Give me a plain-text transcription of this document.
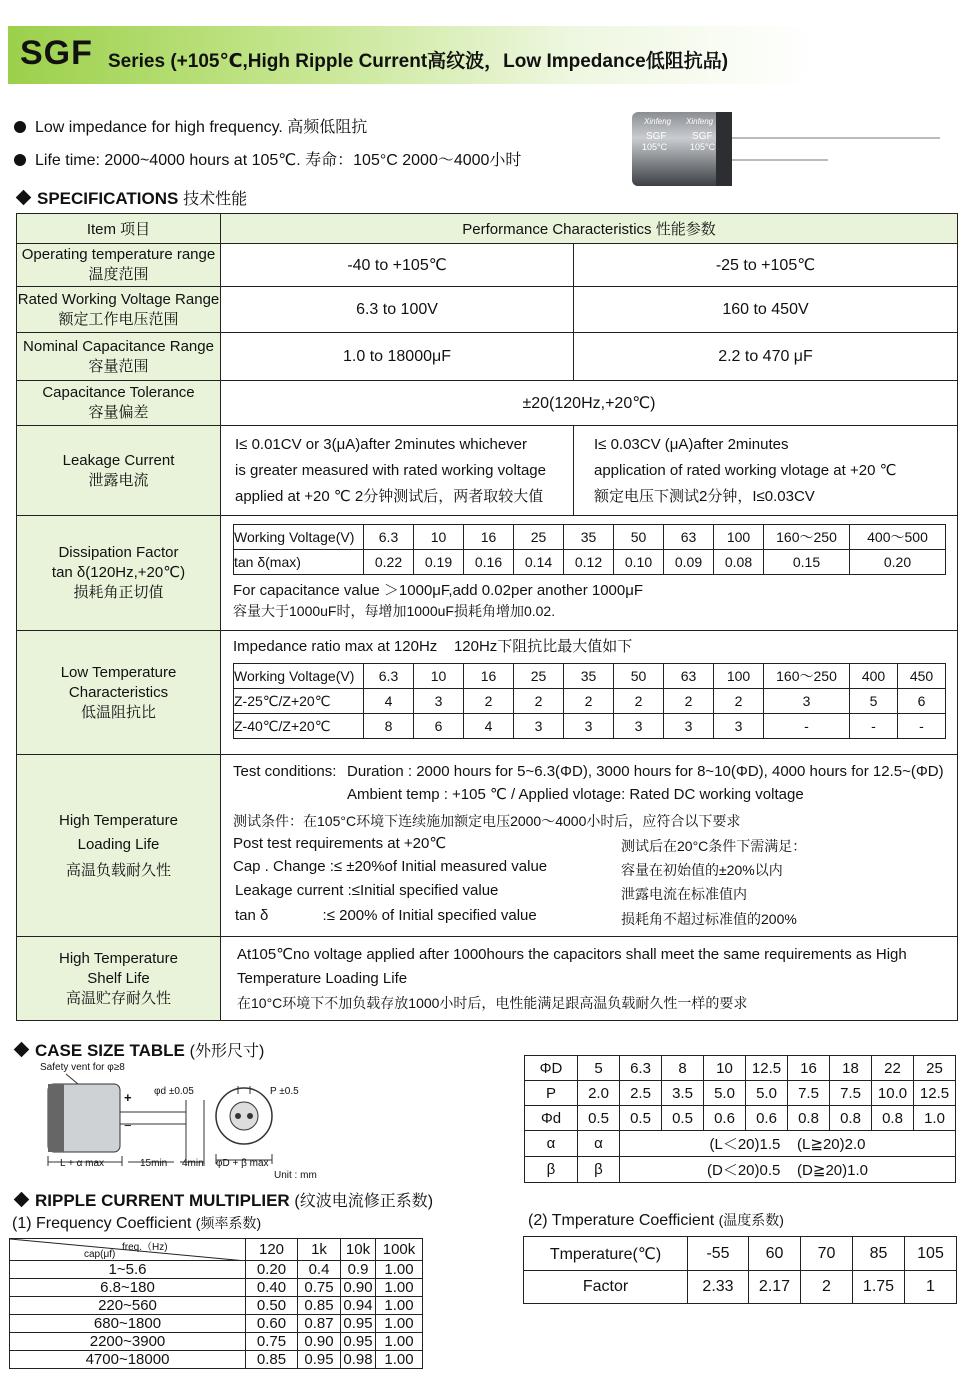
SGF Series (+105℃,High Ripple Current高纹波，Low Impedance低阻抗品)
Low impedance for high frequency. 高频低阻抗
Life time: 2000~4000 hours at 105℃. 寿命：105°C 2000～4000小时
Xinfeng Xinfeng
SGF	SGF
105°C	105°C
SPECIFICATIONS 技术性能
Item 项目	Performance Characteristics 性能参数

Operating temperature range
温度范围
	-40 to +105℃	-25 to +105℃

Rated Working Voltage Range
额定工作电压范围
	6.3 to 100V	160 to 450V

Nominal Capacitance Range
容量范围
	1.0 to 18000μF	2.2 to 470 μF

Capacitance Tolerance
容量偏差
	±20(120Hz,+20℃)

Leakage Current
泄露电流

I≤ 0.01CV or 3(μA)after 2minutes whichever
is greater measured with rated working voltage
applied at +20 ℃ 2分钟测试后，两者取较大值

I≤ 0.03CV (μA)after 2minutes
application of rated working vlotage at +20 ℃
额定电压下测试2分钟，I≤0.03CV

Dissipation Factor
tan δ(120Hz,+20℃)
损耗角正切值

Working Voltage(V)	6.3	10	16	25	35	50	63	100	160～250	400～500
tan δ(max)	0.22	0.19	0.16	0.14	0.12	0.10	0.09	0.08	0.15	0.20
For capacitance value ＞1000μF,add 0.02per another 1000μF
容量大于1000uF时，每增加1000uF损耗角增加0.02.

Low Temperature
Characteristics
低温阻抗比

Impedance ratio max at 120Hz    120Hz下阻抗比最大值如下
Working Voltage(V)	6.3	10	16	25	35	50	63	100	160～250	400	450
Z-25℃/Z+20℃	4	3	2	2	2	2	2	2	3	5	6
Z-40℃/Z+20℃	8	6	4	3	3	3	3	3	-	-	-

High Temperature
Loading Life
高温负载耐久性

Test conditions: Duration : 2000 hours for 5~6.3(ΦD), 3000 hours for 8~10(ΦD), 4000 hours for 12.5~(ΦD)
Ambient temp : +105 ℃ / Applied vlotage: Rated DC working voltage
测试条件：在105°C环境下连续施加额定电压2000～4000小时后，应符合以下要求
Post test requirements at +20℃	测试后在20°C条件下需满足：
Cap . Change :≤ ±20%of Initial measured value	容量在初始值的±20%以内
Leakage current :≤Initial specified value	泄露电流在标准值内
tan δ             :≤ 200% of Initial specified value	损耗角不超过标准值的200%

High Temperature
Shelf Life
高温贮存耐久性

At105℃no voltage applied after 1000hours the capacitors shall meet the same requirements as High
Temperature Loading Life
在10°C环境下不加负载存放1000小时后，电性能满足跟高温负载耐久性一样的要求
CASE SIZE TABLE (外形尺寸)
Safety vent for φ≥8
φd ±0.05	P ±0.5
+
−
L + α max	15min 4min φD + β max
Unit : mm
ΦD	5	6.3	8	10	12.5	16	18	22	25
P	2.0	2.5	3.5	5.0	5.0	7.5	7.5	10.0	12.5
Φd	0.5	0.5	0.5	0.6	0.6	0.8	0.8	0.8	1.0
α	α	(L＜20)1.5    (L≧20)2.0							
β	β	(D＜20)0.5    (D≧20)1.0							
RIPPLE CURRENT MULTIPLIER (纹波电流修正系数)
(1) Frequency Coefficient (频率系数)	(2) Tmperature Coefficient (温度系数)
freq.（Hz)
cap(μf)	120	1k	10k	100k
1~5.6	0.20	0.4	0.9	1.00
6.8~180	0.40	0.75	0.90	1.00
220~560	0.50	0.85	0.94	1.00
680~1800	0.60	0.87	0.95	1.00
2200~3900	0.75	0.90	0.95	1.00
4700~18000	0.85	0.95	0.98	1.00
Tmperature(℃)	-55	60	70	85	105
Factor	2.33	2.17	2	1.75	1
